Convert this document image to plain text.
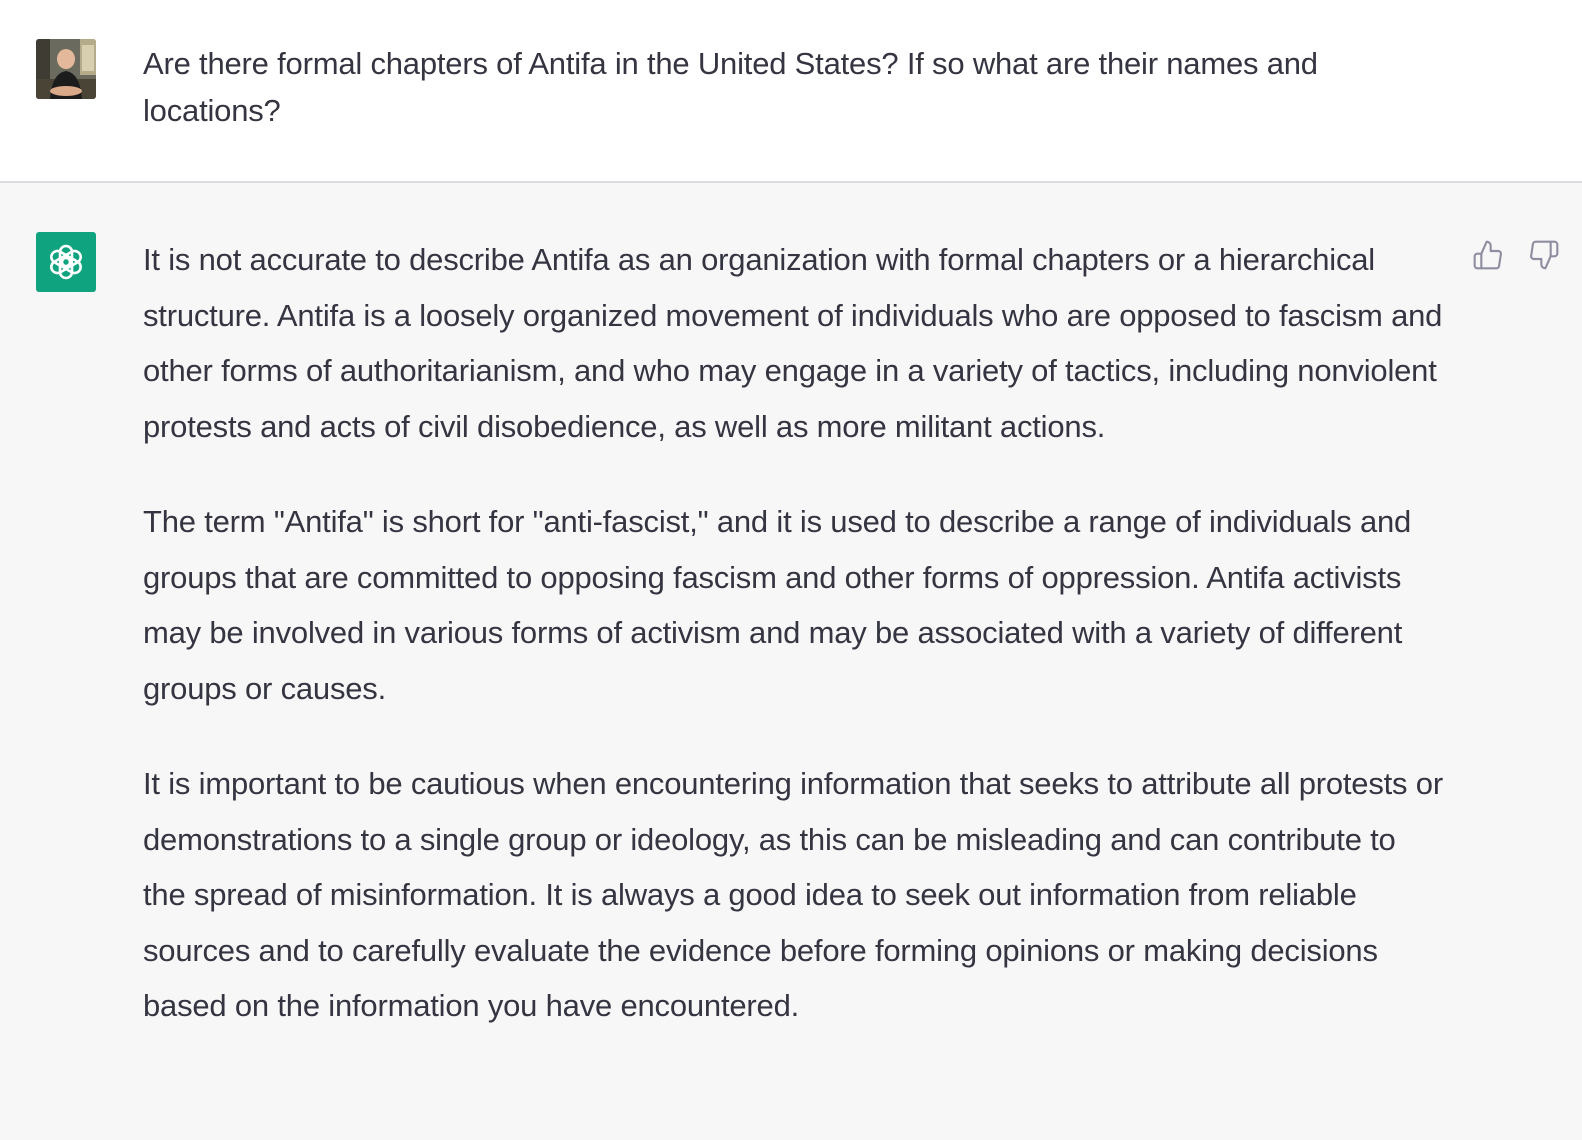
Are there formal chapters of Antifa in the United States? If so what are their names and locations?

It is not accurate to describe Antifa as an organization with formal chapters or a hierarchical structure. Antifa is a loosely organized movement of individuals who are opposed to fascism and other forms of authoritarianism, and who may engage in a variety of tactics, including nonviolent protests and acts of civil disobedience, as well as more militant actions.

The term "Antifa" is short for "anti-fascist," and it is used to describe a range of individuals and groups that are committed to opposing fascism and other forms of oppression. Antifa activists may be involved in various forms of activism and may be associated with a variety of different groups or causes.

It is important to be cautious when encountering information that seeks to attribute all protests or demonstrations to a single group or ideology, as this can be misleading and can contribute to the spread of misinformation. It is always a good idea to seek out information from reliable sources and to carefully evaluate the evidence before forming opinions or making decisions based on the information you have encountered.
